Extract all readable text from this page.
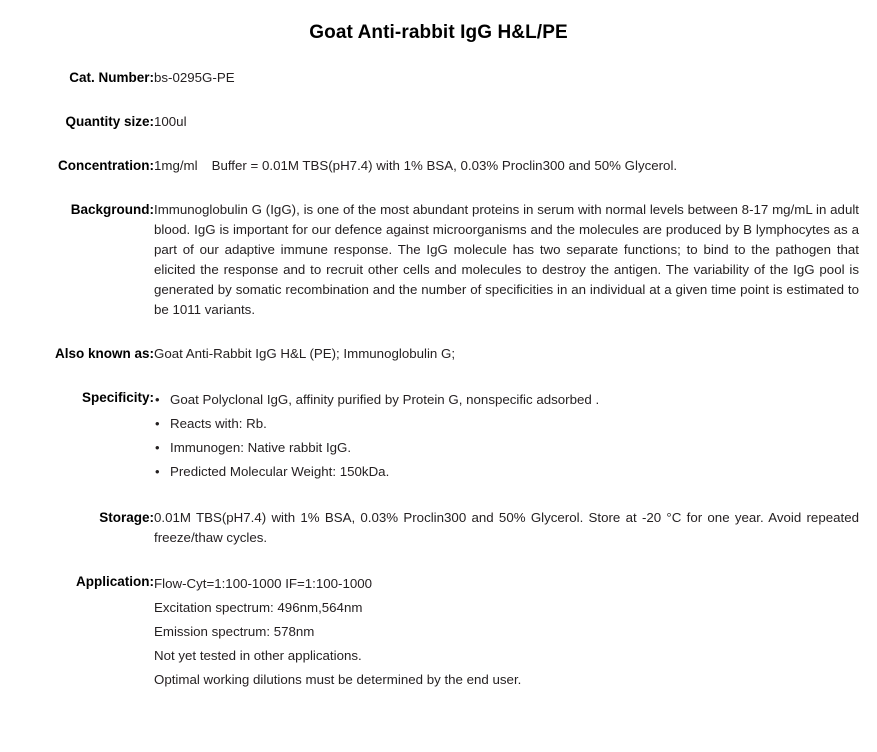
Goat Anti-rabbit IgG H&L/PE
Cat. Number:	bs-0295G-PE
Quantity size:	100ul
Concentration:	1mg/ml Buffer = 0.01M TBS(pH7.4) with 1% BSA, 0.03% Proclin300 and 50% Glycerol.
Background:	Immunoglobulin G (IgG), is one of the most abundant proteins in serum with normal levels between 8-17 mg/mL in adult blood. IgG is important for our defence against microorganisms and the molecules are produced by B lymphocytes as a part of our adaptive immune response. The IgG molecule has two separate functions; to bind to the pathogen that elicited the response and to recruit other cells and molecules to destroy the antigen. The variability of the IgG pool is generated by somatic recombination and the number of specificities in an individual at a given time point is estimated to be 1011 variants.
Also known as:	Goat Anti-Rabbit IgG H&L (PE); Immunoglobulin G;
Specificity:	
•Goat Polyclonal IgG, affinity purified by Protein G, nonspecific adsorbed .
• Reacts with: Rb.
• Immunogen: Native rabbit IgG.
• Predicted Molecular Weight: 150kDa.

Storage:	0.01M TBS(pH7.4) with 1% BSA, 0.03% Proclin300 and 50% Glycerol. Store at -20 °C for one year. Avoid repeated freeze/thaw cycles.
Application:	Flow-Cyt=1:100-1000 IF=1:100-1000
Excitation spectrum: 496nm,564nm
Emission spectrum: 578nm
Not yet tested in other applications.
Optimal working dilutions must be determined by the end user.
